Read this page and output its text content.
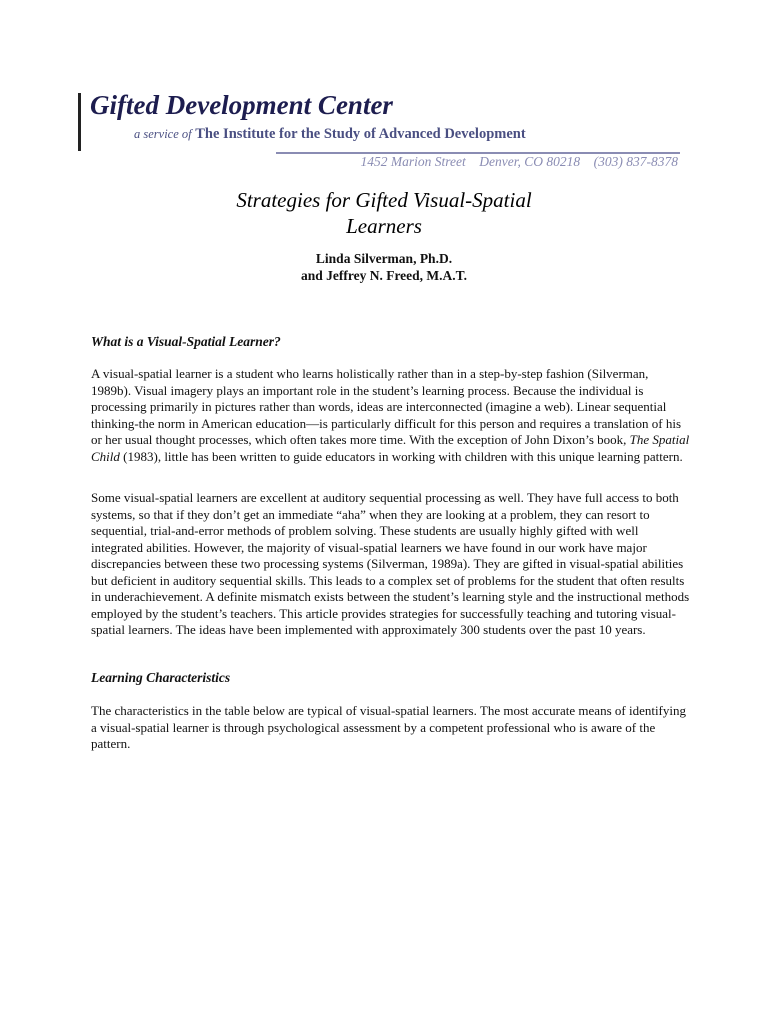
Gifted Development Center
a service of The Institute for the Study of Advanced Development
1452 Marion Street    Denver, CO 80218    (303) 837-8378
Strategies for Gifted Visual-Spatial
Learners
Linda Silverman, Ph.D.
and Jeffrey N. Freed, M.A.T.
What is a Visual-Spatial Learner?
A visual-spatial learner is a student who learns holistically rather than in a step-by-step fashion (Silverman, 1989b). Visual imagery plays an important role in the student’s learning process. Because the individual is processing primarily in pictures rather than words, ideas are interconnected (imagine a web). Linear sequential thinking-the norm in American education—is particularly difficult for this person and requires a translation of his or her usual thought processes, which often takes more time. With the exception of John Dixon’s book, The Spatial Child (1983), little has been written to guide educators in working with children with this unique learning pattern.
Some visual-spatial learners are excellent at auditory sequential processing as well. They have full access to both systems, so that if they don’t get an immediate “aha” when they are looking at a problem, they can resort to sequential, trial-and-error methods of problem solving. These students are usually highly gifted with well integrated abilities. However, the majority of visual-spatial learners we have found in our work have major discrepancies between these two processing systems (Silverman, 1989a). They are gifted in visual-spatial abilities but deficient in auditory sequential skills. This leads to a complex set of problems for the student that often results in underachievement. A definite mismatch exists between the student’s learning style and the instructional methods employed by the student’s teachers. This article provides strategies for successfully teaching and tutoring visual-spatial learners. The ideas have been implemented with approximately 300 students over the past 10 years.
Learning Characteristics
The characteristics in the table below are typical of visual-spatial learners. The most accurate means of identifying a visual-spatial learner is through psychological assessment by a competent professional who is aware of the pattern.
